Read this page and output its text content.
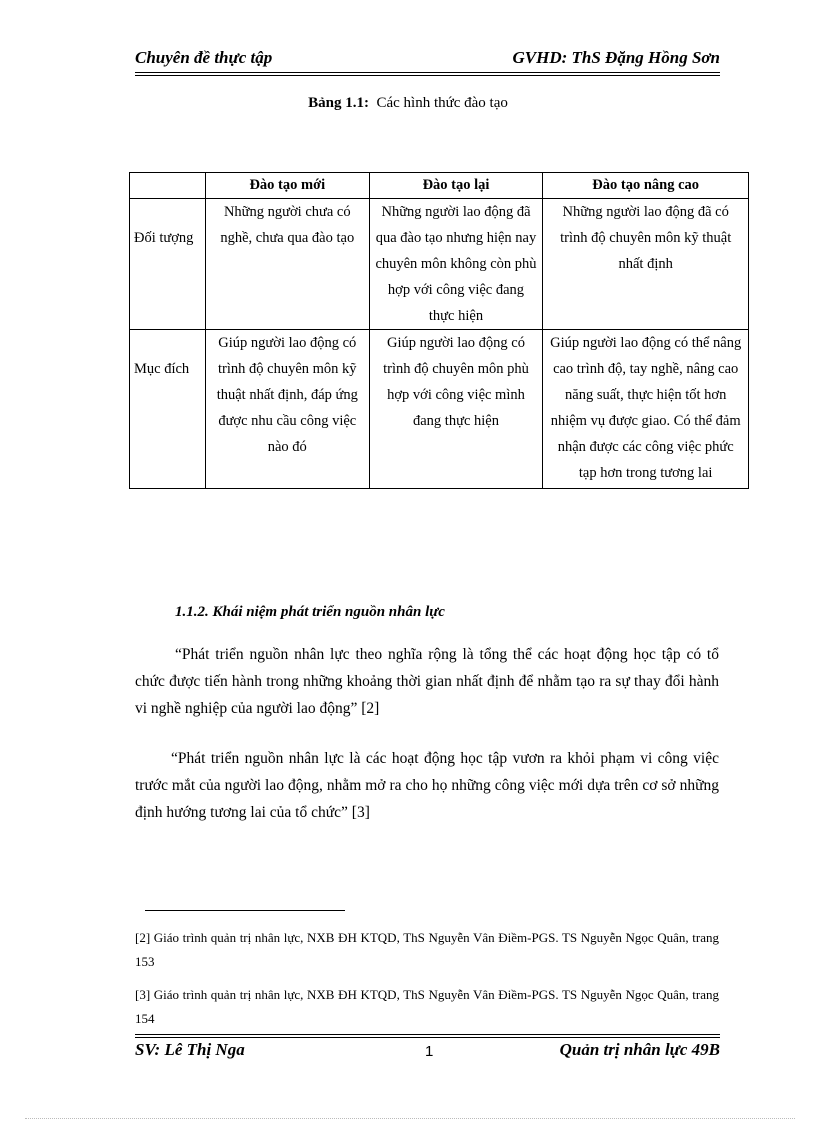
Chuyên đề thực tập	GVHD: ThS Đặng Hồng Sơn
Bảng 1.1: Các hình thức đào tạo
	Đào tạo mới	Đào tạo lại	Đào tạo nâng cao
Đối tượng	Những người chưa có nghề, chưa qua đào tạo	Những người lao động đã qua đào tạo nhưng hiện nay chuyên môn không còn phù hợp với công việc đang thực hiện	Những người lao động đã có trình độ chuyên môn kỹ thuật nhất định
Mục đích	Giúp người lao động có trình độ chuyên môn kỹ thuật nhất định, đáp ứng được nhu cầu công việc nào đó	Giúp người lao động có trình độ chuyên môn phù hợp với công việc mình đang thực hiện	Giúp người lao động có thể nâng cao trình độ, tay nghề, nâng cao năng suất, thực hiện tốt hơn nhiệm vụ được giao. Có thể đảm nhận được các công việc phức tạp hơn trong tương lai
1.1.2. Khái niệm phát triển nguồn nhân lực

“Phát triển nguồn nhân lực theo nghĩa rộng là tổng thể các hoạt động học tập có tổ chức được tiến hành trong những khoảng thời gian nhất định để nhằm tạo ra sự thay đổi hành vi nghề nghiệp của người lao động” [2]

“Phát triển nguồn nhân lực là các hoạt động học tập vươn ra khỏi phạm vi công việc trước mắt của người lao động, nhằm mở ra cho họ những công việc mới dựa trên cơ sở những định hướng tương lai của tổ chức” [3]

[2] Giáo trình quản trị nhân lực, NXB ĐH KTQD, ThS Nguyễn Vân Điềm-PGS. TS Nguyễn Ngọc Quân, trang 153
[3] Giáo trình quản trị nhân lực, NXB ĐH KTQD, ThS Nguyễn Vân Điềm-PGS. TS Nguyễn Ngọc Quân, trang 154
SV: Lê Thị Nga	1	Quản trị nhân lực 49B
